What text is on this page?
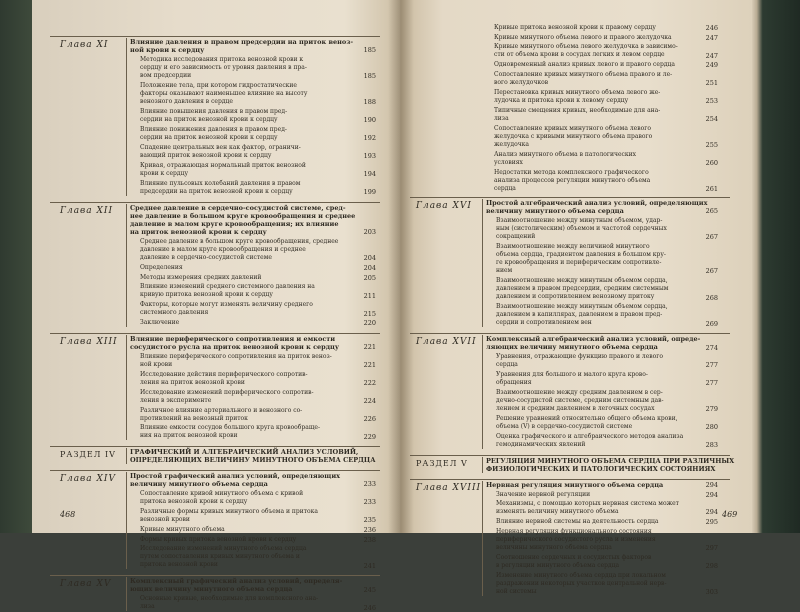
Глава XI	Влияние давления в правом предсердии на приток веноз-
ной крови к сердцу	185
Методика исследования притока венозной крови к
сердцу и его зависимость от уровня давления в пра-
вом предсердии	185
Положение тела, при котором гидростатические
факторы оказывают наименьшее влияние на высоту
венозного давления в сердце	188
Влияние повышения давления в правом пред-
сердии на приток венозной крови к сердцу	190
Влияние понижения давления в правом пред-
сердии на приток венозной крови к сердцу	192
Спадение центральных вен как фактор, ограничи-
вающий приток венозной крови к сердцу	193
Кривая, отражающая нормальный приток венозной
крови к сердцу	194
Влияние пульсовых колебаний давления в правом
предсердии на приток венозной крови к сердцу	199
Глава XII	Среднее давление в сердечно-сосудистой системе, сред-
нее давление в большом круге кровообращения и среднее
давление в малом круге кровообращения; их влияние
на приток венозной крови к сердцу	203
Среднее давление в большом круге кровообращения, среднее
давление в малом круге кровообращения и среднее
давление в сердечно-сосудистой системе	204
Определения	204
Методы измерения средних давлений	205
Влияние изменений среднего системного давления на
кривую притока венозной крови к сердцу	211
Факторы, которые могут изменять величину среднего
системного давления	215
Заключение	220
Глава XIII Влияние периферического сопротивления и емкости
сосудистого русла на приток венозной крови к сердцу	221
Влияние периферического сопротивления на приток веноз-
ной крови	221
Исследование действия периферического сопротив-
ления на приток венозной крови	222
Исследование изменений периферического сопротив-
ления в эксперименте	224
Различное влияние артериального и венозного со-
противлений на венозный приток	226
Влияние емкости сосудов большого круга кровообраще-
ния на приток венозной крови	229
РАЗДЕЛ IV ГРАФИЧЕСКИЙ И АЛГЕБРАИЧЕСКИЙ АНАЛИЗ УСЛОВИЙ,
ОПРЕДЕЛЯЮЩИХ ВЕЛИЧИНУ МИНУТНОГО ОБЪЕМА СЕРДЦА
Глава XIV Простой графический анализ условий, определяющих
величину минутного объема сердца	233
Сопоставление кривой минутного объема с кривой
притока венозной крови к сердцу	233
Различные формы кривых минутного объема и притока
венозной крови	235
Кривые минутного объема	236
Формы кривых притока венозной крови к сердцу	238
Исследование изменений минутного объема сердца
путем сопоставления кривых минутного объема и
притока венозной крови	241
Глава XV	Комплексный графический анализ условий, определя-
ющих величину минутного объема сердца	245
Основные кривые, необходимые для комплексного ана-
лиза	246
468
Кривые притока венозной крови к правому сердцу	246
Кривые минутного объема левого и правого желудочка	247
Кривые минутного объема левого желудочка в зависимо-
сти от объема крови в сосудах легких и левом сердце	247
Одновременный анализ кривых левого и правого сердца	249
Сопоставление кривых минутного объема правого и ле-
вого желудочков	251
Перестановка кривых минутного объема левого же-
лудочка и притока крови к левому сердцу	253
Типичные смещения кривых, необходимые для ана-
лиза	254
Сопоставление кривых минутного объема левого
желудочка с кривыми минутного объема правого
желудочка	255
Анализ минутного объема в патологических
условиях	260
Недостатки метода комплексного графического
анализа процессов регуляции минутного объема
сердца	261
Глава XVI Простой алгебраический анализ условий, определяющих
величину минутного объема сердца	265
Взаимоотношение между минутным объемом, удар-
ным (систолическим) объемом и частотой сердечных
сокращений	267
Взаимоотношение между величиной минутного
объема сердца, градиентом давления в большом кру-
ге кровообращения и периферическим сопротивле-
нием	267
Взаимоотношение между минутным объемом сердца,
давлением в правом предсердии, средним системным
давлением и сопротивлением венозному притоку	268
Взаимоотношение между минутным объемом сердца,
давлением в капиллярах, давлением в правом пред-
сердии и сопротивлением вен	269
Глава XVII Комплексный алгебраический анализ условий, опреде-
ляющих величину минутного объема сердца	274
Уравнения, отражающие функцию правого и левого
сердца	277
Уравнения для большого и малого круга крово-
обращения	277
Взаимоотношение между средним давлением в сер-
дечно-сосудистой системе, средним системным дав-
лением и средним давлением в легочных сосудах	279
Решение уравнений относительно общего объема крови,
объема (V) в сердечно-сосудистой системе	280
Оценка графического и алгебраического методов анализа
гемодинамических явлений	283
РАЗДЕЛ V	РЕГУЛЯЦИЯ МИНУТНОГО ОБЪЕМА СЕРДЦА ПРИ РАЗЛИЧНЫХ
ФИЗИОЛОГИЧЕСКИХ И ПАТОЛОГИЧЕСКИХ СОСТОЯНИЯХ
Глава XVIII Нервная регуляция минутного объема сердца	294
Значение нервной регуляции	294
Механизмы, с помощью которых нервная система может
изменять величину минутного объема	294
Влияние нервной системы на деятельность сердца	295
Нервная регуляция функционального состояния
периферического сосудистого русла и изменения
величины минутного объема сердца	297
Соотношение сердечных и сосудистых факторов
в регуляции минутного объема сердца	298
Изменение минутного объема сердца при локальном
раздражении некоторых участков центральной нерв-
ной системы	303
469
